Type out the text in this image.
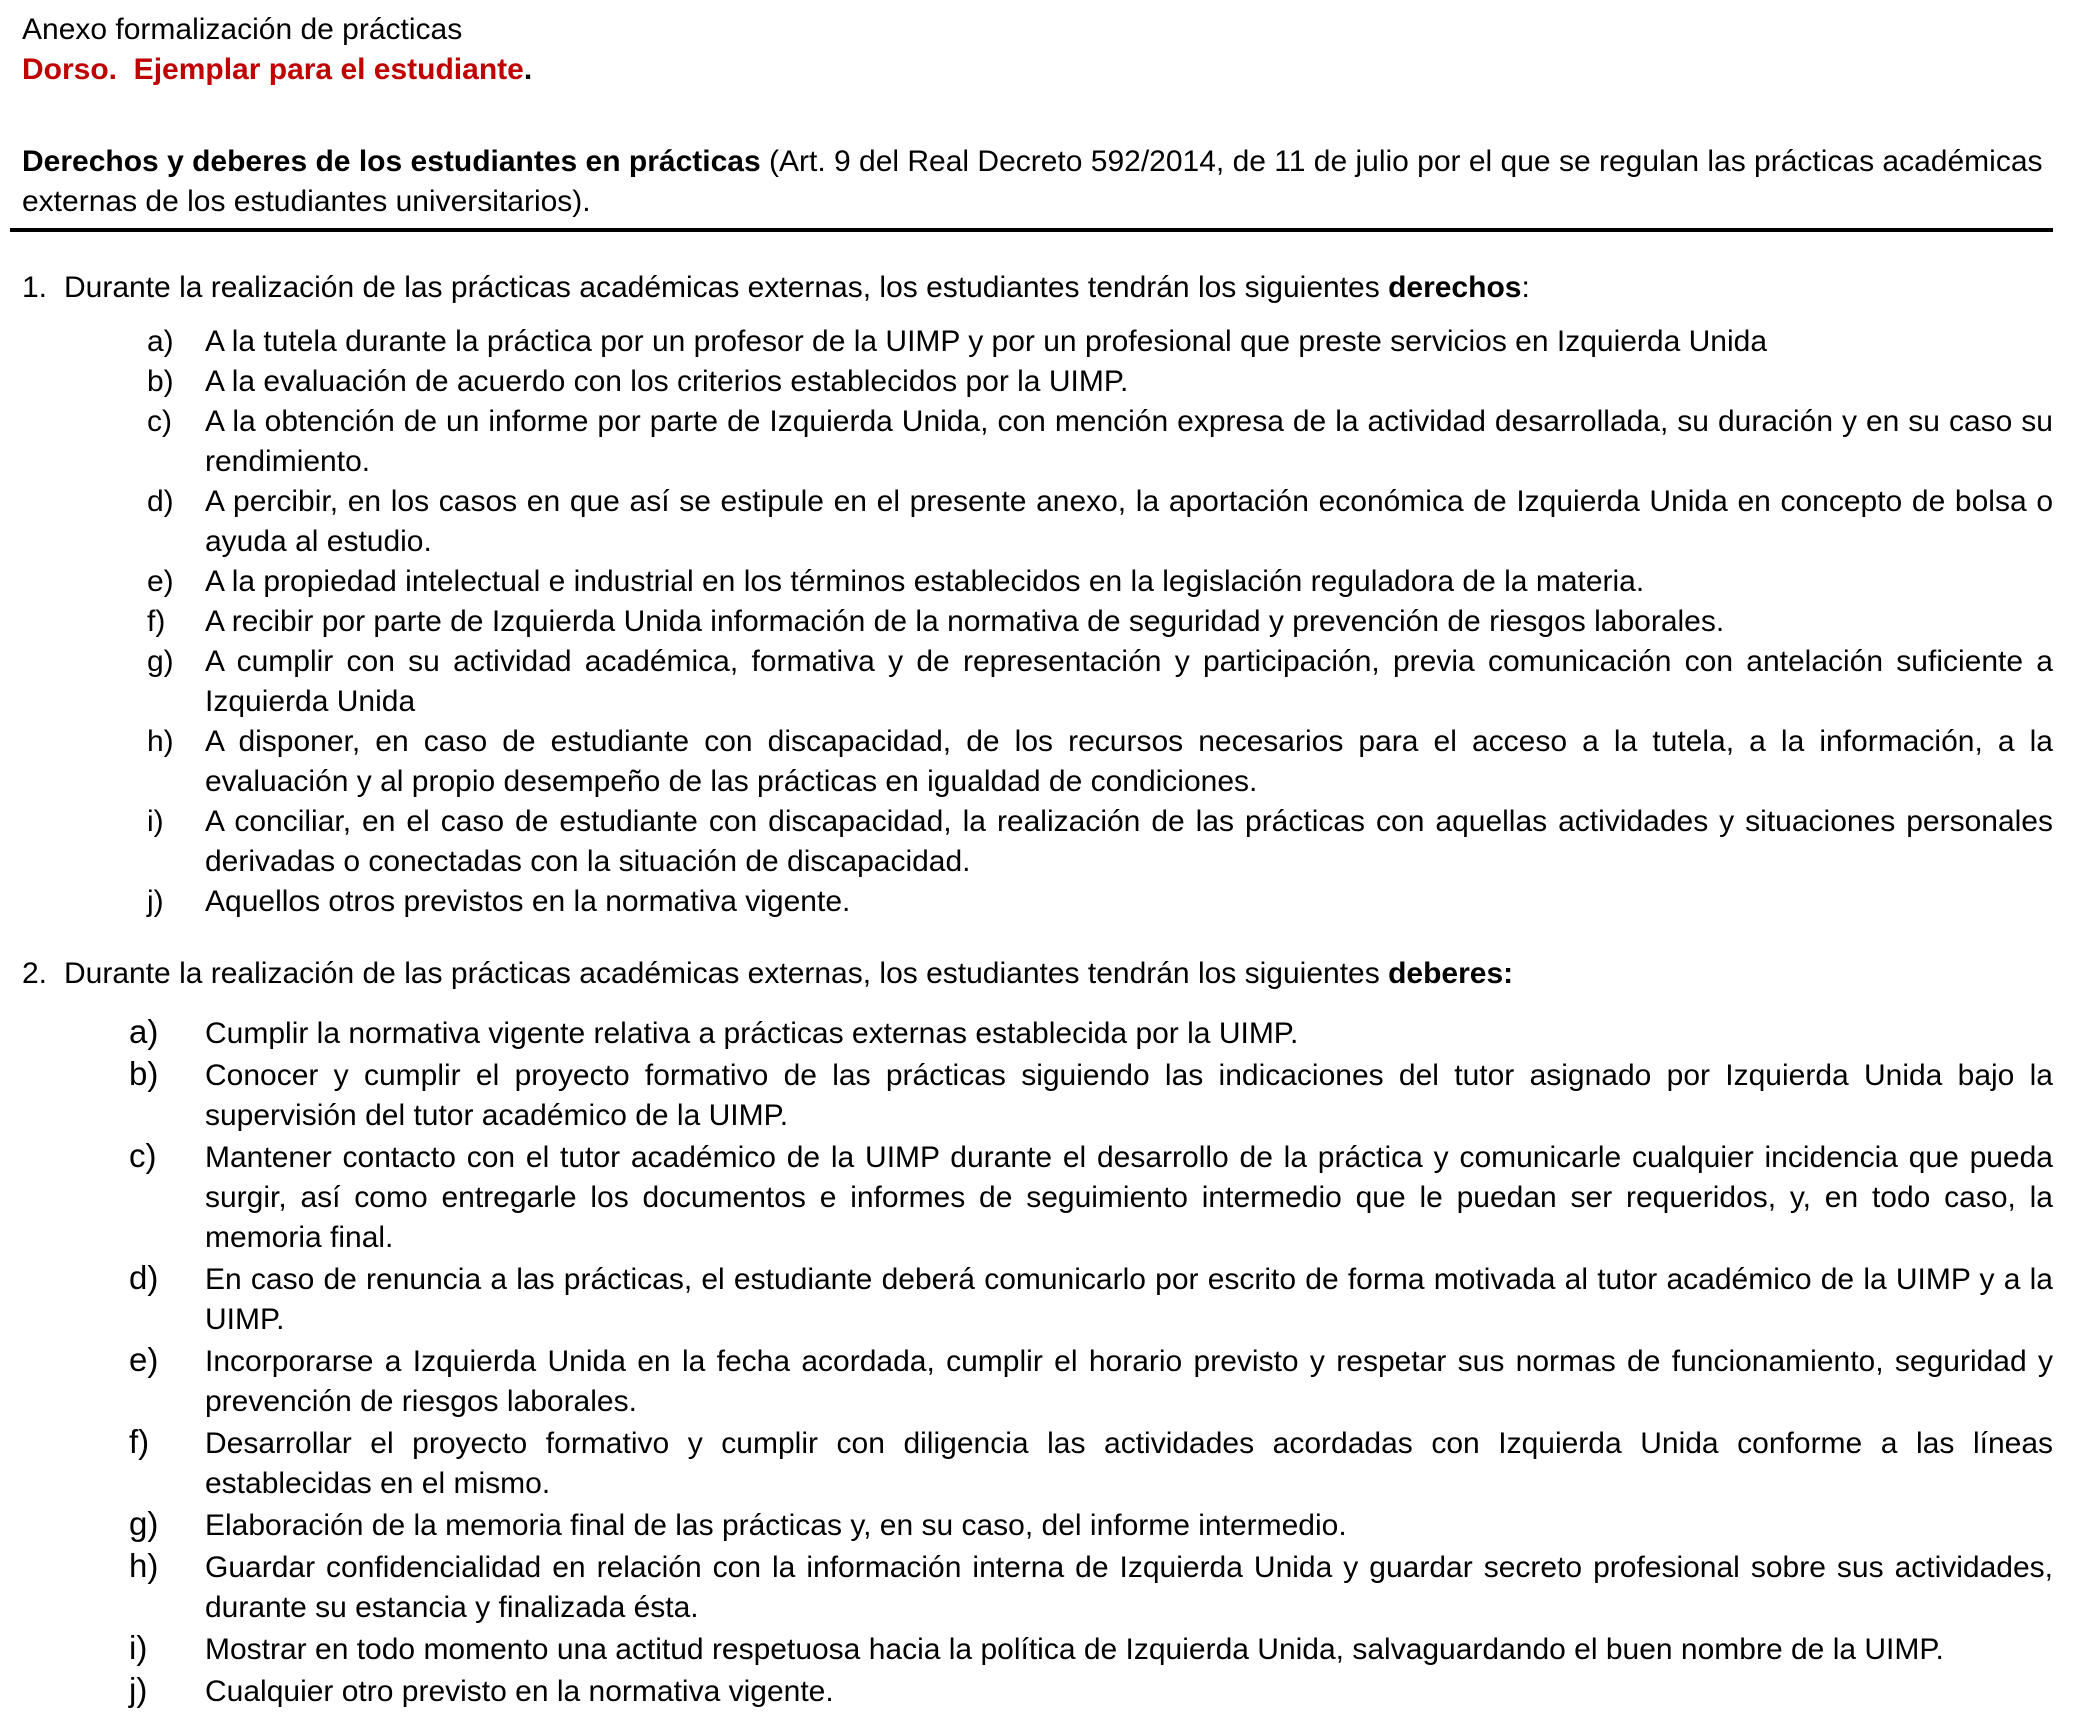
Anexo formalización de prácticas

Dorso.  Ejemplar para el estudiante.

Derechos y deberes de los estudiantes en prácticas (Art. 9 del Real Decreto 592/2014, de 11 de julio por el que se regulan las prácticas académicas externas de los estudiantes universitarios).
1. Durante la realización de las prácticas académicas externas, los estudiantes tendrán los siguientes derechos:

a)	A la tutela durante la práctica por un profesor de la UIMP y por un profesional que preste servicios en Izquierda Unida

b)	A la evaluación de acuerdo con los criterios establecidos por la UIMP.

c)	A la obtención de un informe por parte de Izquierda Unida, con mención expresa de la actividad desarrollada, su duración y en su caso su rendimiento.

d)	A percibir, en los casos en que así se estipule en el presente anexo, la aportación económica de Izquierda Unida en concepto de bolsa o ayuda al estudio.

e)	A la propiedad intelectual e industrial en los términos establecidos en la legislación reguladora de la materia.

f)	A recibir por parte de Izquierda Unida información de la normativa de seguridad y prevención de riesgos laborales.

g)	A cumplir con su actividad académica, formativa y de representación y participación, previa comunicación con antelación suficiente a Izquierda Unida

h)	A disponer, en caso de estudiante con discapacidad, de los recursos necesarios para el acceso a la tutela, a la información, a la evaluación y al propio desempeño de las prácticas en igualdad de condiciones.

i)	A conciliar, en el caso de estudiante con discapacidad, la realización de las prácticas con aquellas actividades y situaciones personales derivadas o conectadas con la situación de discapacidad.

j)	Aquellos otros previstos en la normativa vigente.

2. Durante la realización de las prácticas académicas externas, los estudiantes tendrán los siguientes deberes:

a)	Cumplir la normativa vigente relativa a prácticas externas establecida por la UIMP.

b)	Conocer y cumplir el proyecto formativo de las prácticas siguiendo las indicaciones del tutor asignado por Izquierda Unida bajo la supervisión del tutor académico de la UIMP.

c)	Mantener contacto con el tutor académico de la UIMP durante el desarrollo de la práctica y comunicarle cualquier incidencia que pueda surgir, así como entregarle los documentos e informes de seguimiento intermedio que le puedan ser requeridos, y, en todo caso, la memoria final.

d)	En caso de renuncia a las prácticas, el estudiante deberá comunicarlo por escrito de forma motivada al tutor académico de la UIMP y a la UIMP.

e)	Incorporarse a Izquierda Unida en la fecha acordada, cumplir el horario previsto y respetar sus normas de funcionamiento, seguridad y prevención de riesgos laborales.

f)	Desarrollar el proyecto formativo y cumplir con diligencia las actividades acordadas con Izquierda Unida conforme a las líneas establecidas en el mismo.

g)	Elaboración de la memoria final de las prácticas y, en su caso, del informe intermedio.

h)	Guardar confidencialidad en relación con la información interna de Izquierda Unida y guardar secreto profesional sobre sus actividades, durante su estancia y finalizada ésta.

i)	Mostrar en todo momento una actitud respetuosa hacia la política de Izquierda Unida, salvaguardando el buen nombre de la UIMP.

j)	Cualquier otro previsto en la normativa vigente.
